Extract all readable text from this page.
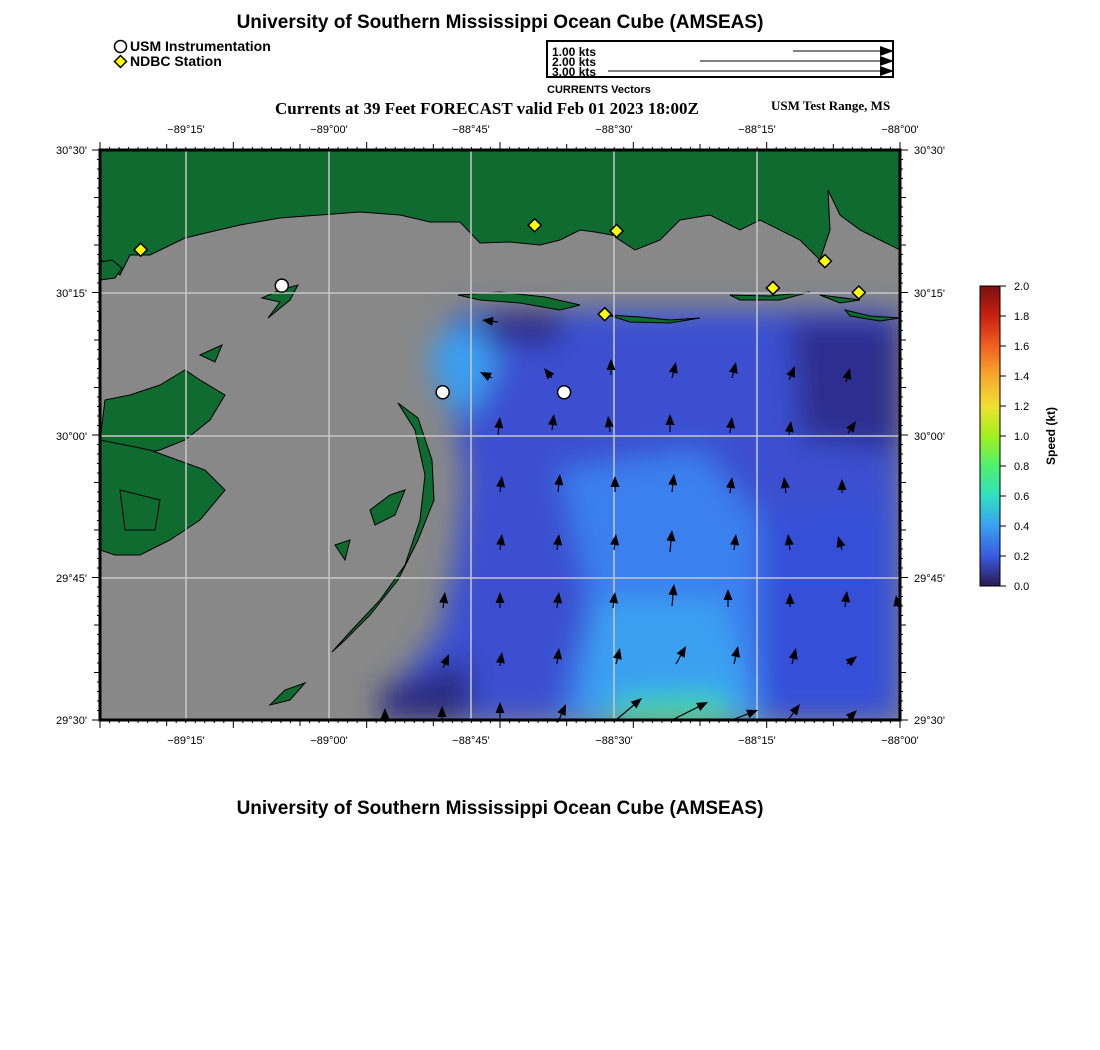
University of Southern Mississippi Ocean Cube (AMSEAS)
USM Instrumentation
NDBC Station
1.00 kts
2.00 kts
3.00 kts
CURRENTS Vectors
Currents at 39 Feet FORECAST valid Feb 01 2023 18:00Z	USM Test Range, MS
−89°15'	−89°00'	−88°45'	−88°30'	−88°15'	−88°00'
−89°15'	−89°00'	−88°45'	−88°30'	−88°15'	−88°00'
30°30'
30°15'
30°00'
29°45'
29°30'
30°30'
30°15'
30°00'
29°45'
29°30'
2.0
1.8
1.6
1.4
1.2
1.0
0.8
0.6
0.4
0.2
0.0
Speed (kt)
University of Southern Mississippi Ocean Cube (AMSEAS)
